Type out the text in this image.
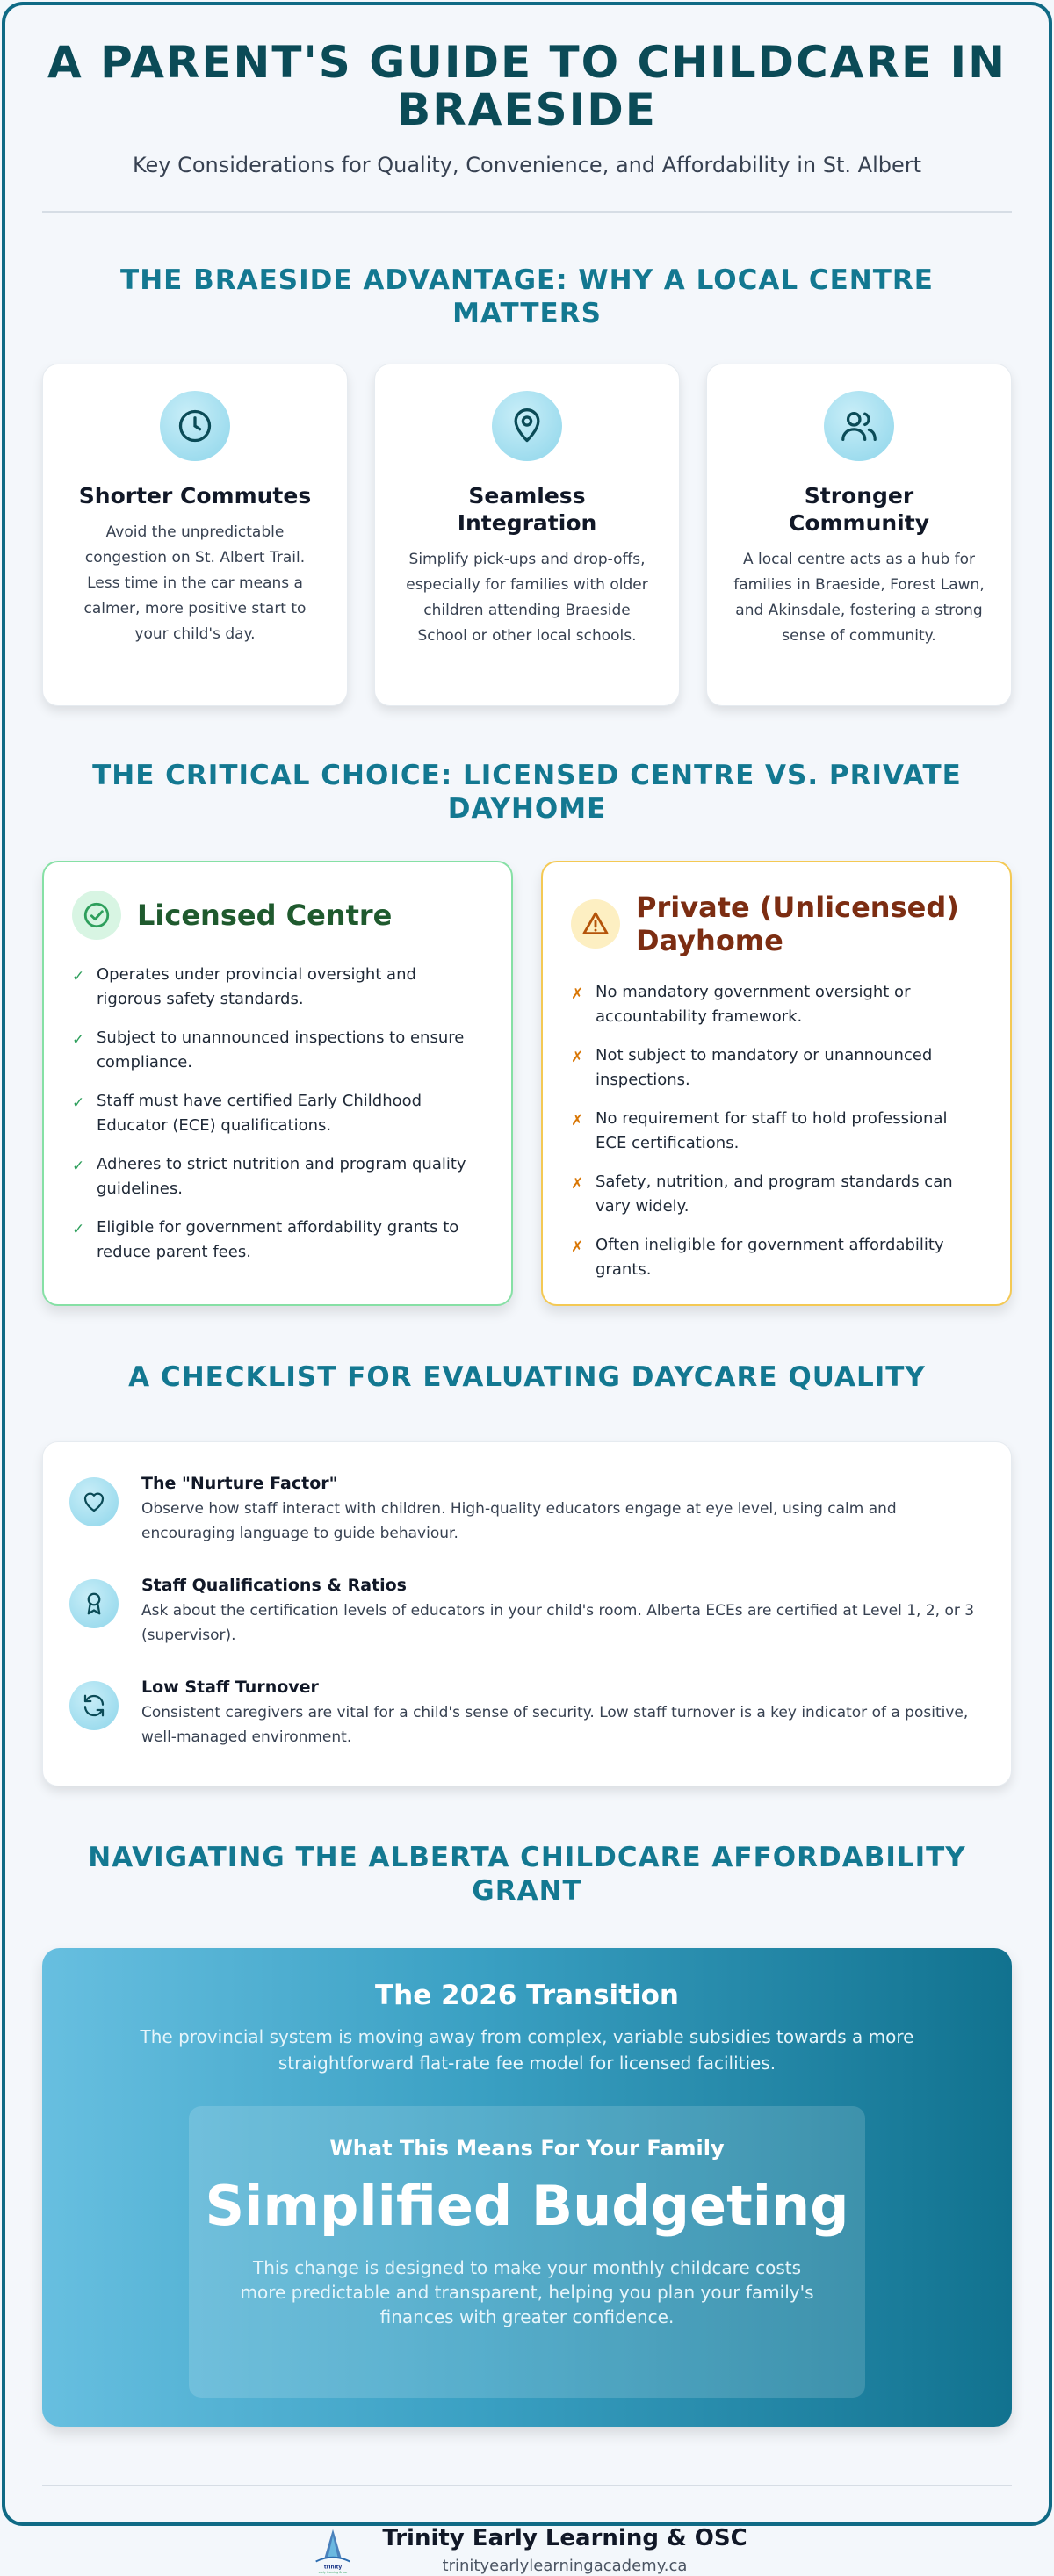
A PARENT'S GUIDE TO CHILDCARE IN BRAESIDE

Key Considerations for Quality, Convenience, and Affordability in St. Albert

THE BRAESIDE ADVANTAGE: WHY A LOCAL CENTRE MATTERS
Shorter Commutes

Avoid the unpredictable congestion on St. Albert Trail. Less time in the car means a calmer, more positive start to your child's day.

Seamless Integration

Simplify pick-ups and drop-offs, especially for families with older children attending Braeside School or other local schools.

Stronger Community

A local centre acts as a hub for families in Braeside, Forest Lawn, and Akinsdale, fostering a strong sense of community.

THE CRITICAL CHOICE: LICENSED CENTRE VS. PRIVATE DAYHOME
Licensed Centre
✓ Operates under provincial oversight and rigorous safety standards.
✓ Subject to unannounced inspections to ensure compliance.
✓ Staff must have certified Early Childhood Educator (ECE) qualifications.
✓ Adheres to strict nutrition and program quality guidelines.
✓ Eligible for government affordability grants to reduce parent fees.
Private (Unlicensed) Dayhome
✗ No mandatory government oversight or accountability framework.
✗ Not subject to mandatory or unannounced inspections.
✗ No requirement for staff to hold professional ECE certifications.
✗ Safety, nutrition, and program standards can vary widely.
✗ Often ineligible for government affordability grants.
A CHECKLIST FOR EVALUATING DAYCARE QUALITY
The "Nurture Factor"

Observe how staff interact with children. High-quality educators engage at eye level, using calm and encouraging language to guide behaviour.

Staff Qualifications & Ratios

Ask about the certification levels of educators in your child's room. Alberta ECEs are certified at Level 1, 2, or 3 (supervisor).

Low Staff Turnover

Consistent caregivers are vital for a child's sense of security. Low staff turnover is a key indicator of a positive, well-managed environment.

NAVIGATING THE ALBERTA CHILDCARE AFFORDABILITY GRANT
The 2026 Transition

The provincial system is moving away from complex, variable subsidies towards a more straightforward flat-rate fee model for licensed facilities.

What This Means For Your Family

Simplified Budgeting

This change is designed to make your monthly childcare costs more predictable and transparent, helping you plan your family's finances with greater confidence.

trinity
early learning & osc

Trinity Early Learning & OSC

trinityearlylearningacademy.ca
